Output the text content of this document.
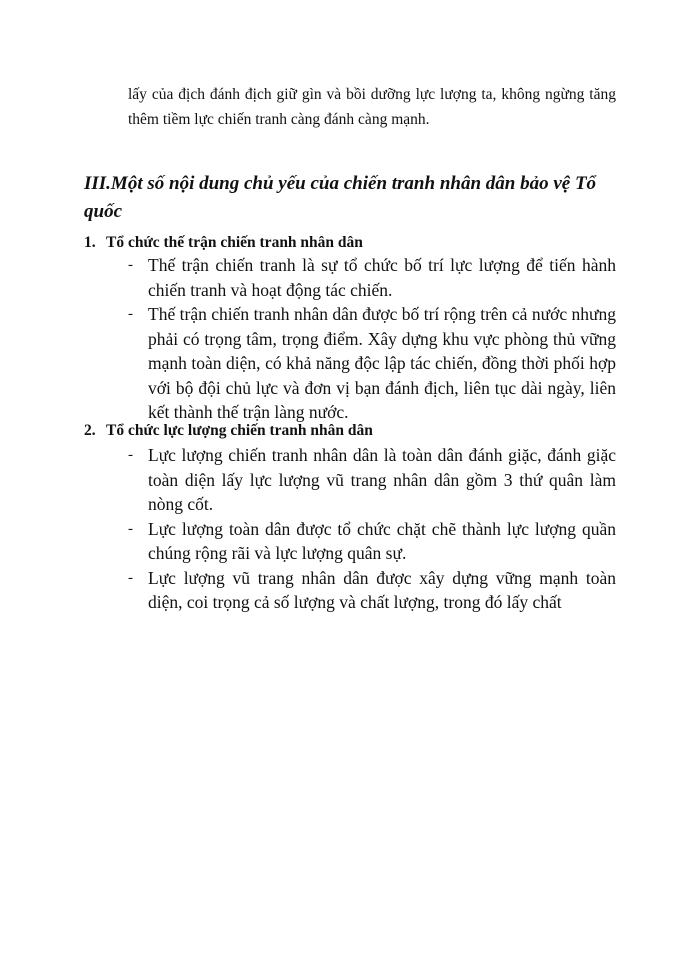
lấy của địch đánh địch giữ gìn và bồi dưỡng lực lượng ta, không ngừng tăng thêm tiềm lực chiến tranh càng đánh càng mạnh.

III.Một số nội dung chủ yếu của chiến tranh nhân dân bảo vệ Tổ quốc
1. Tổ chức thế trận chiến tranh nhân dân
- Thế trận chiến tranh là sự tổ chức bố trí lực lượng để tiến hành chiến tranh và hoạt động tác chiến.
- Thế trận chiến tranh nhân dân được bố trí rộng trên cả nước nhưng phải có trọng tâm, trọng điểm. Xây dựng khu vực phòng thủ vững mạnh toàn diện, có khả năng độc lập tác chiến, đồng thời phối hợp với bộ đội chủ lực và đơn vị bạn đánh địch, liên tục dài ngày, liên kết thành thế trận làng nước.
2. Tổ chức lực lượng chiến tranh nhân dân
- Lực lượng chiến tranh nhân dân là toàn dân đánh giặc, đánh giặc toàn diện lấy lực lượng vũ trang nhân dân gồm 3 thứ quân làm nòng cốt.
- Lực lượng toàn dân được tổ chức chặt chẽ thành lực lượng quần chúng rộng rãi và lực lượng quân sự.
- Lực lượng vũ trang nhân dân được xây dựng vững mạnh toàn diện, coi trọng cả số lượng và chất lượng, trong đó lấy chất
